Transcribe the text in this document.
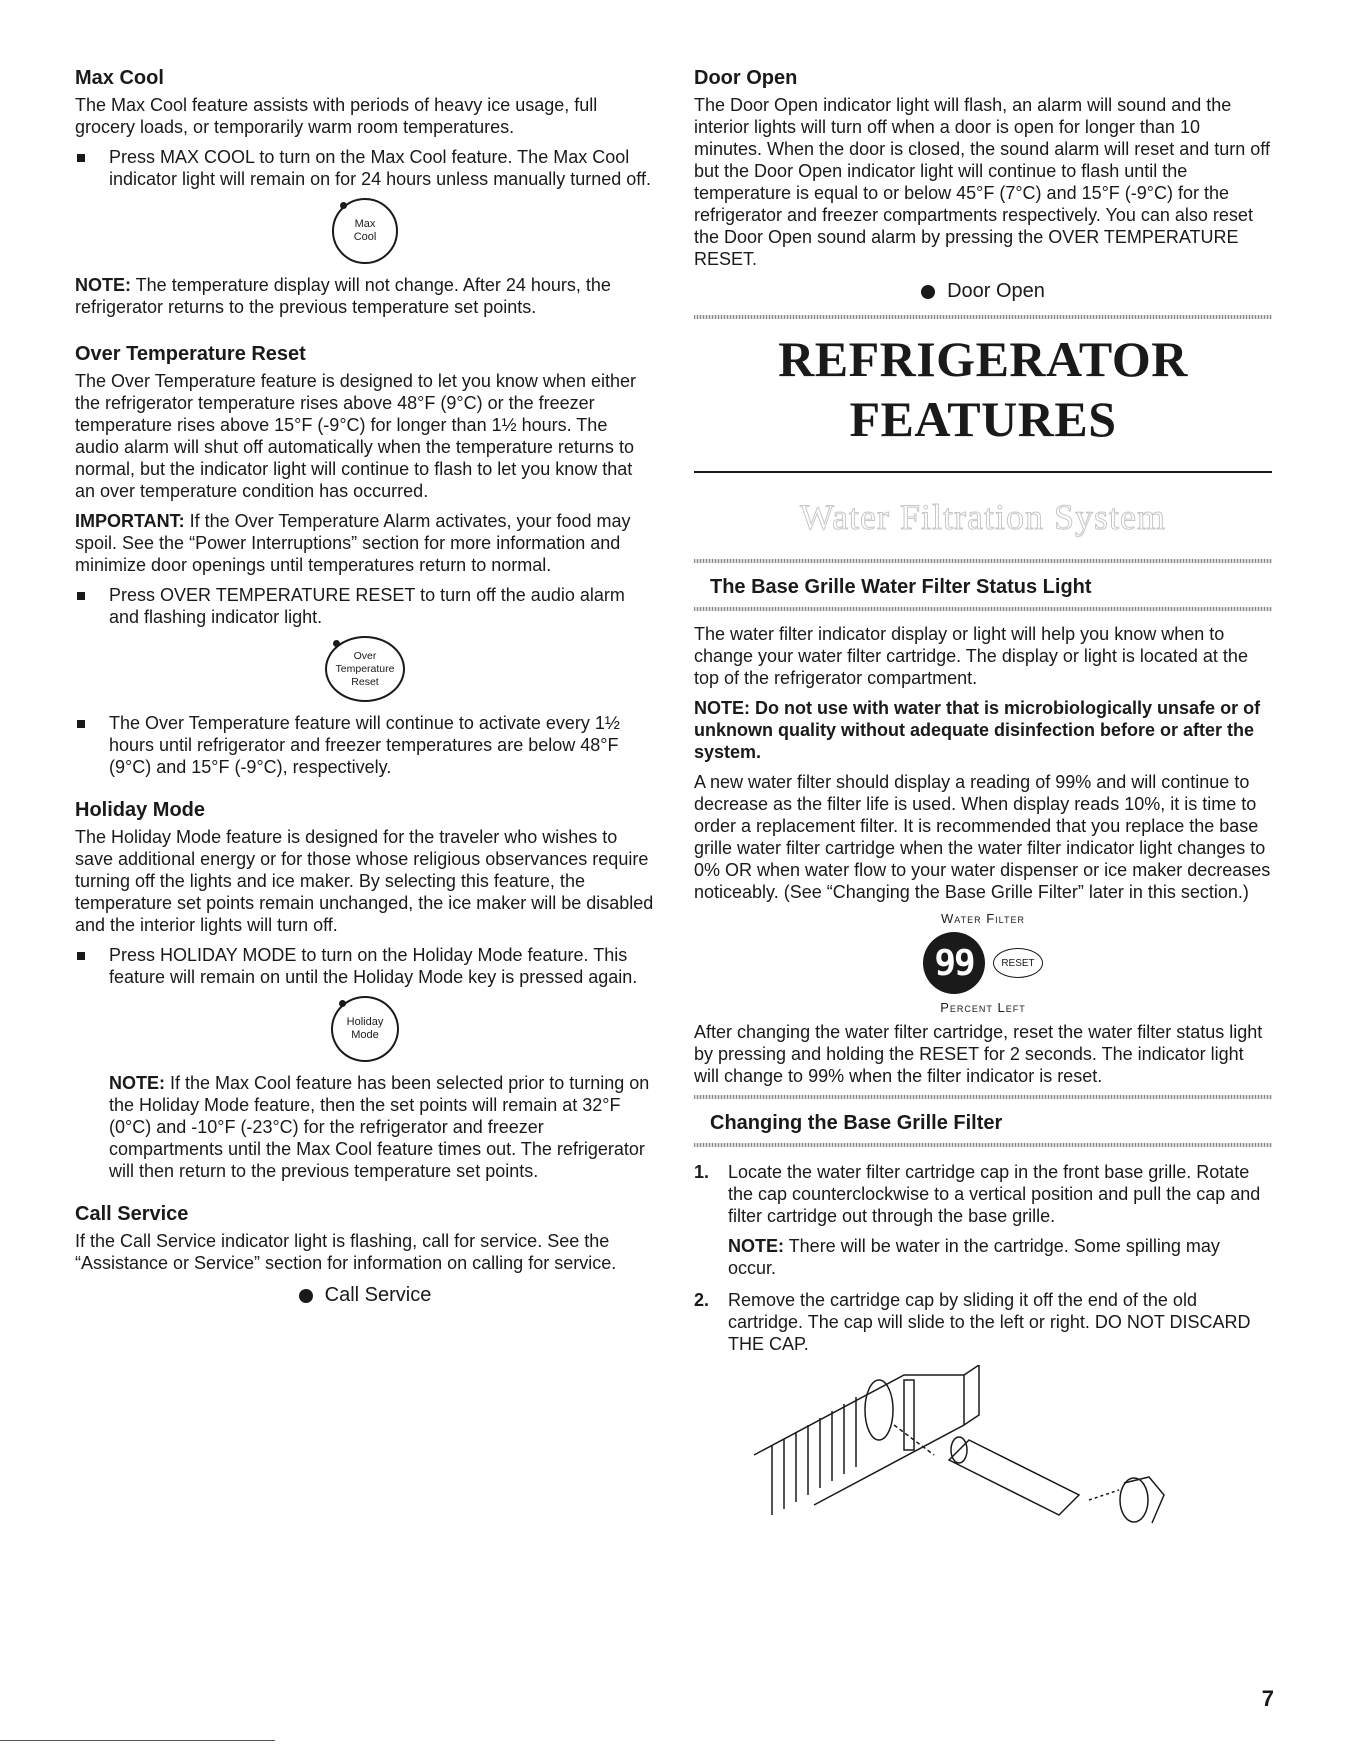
Max Cool

The Max Cool feature assists with periods of heavy ice usage, full grocery loads, or temporarily warm room temperatures.

Press MAX COOL to turn on the Max Cool feature. The Max Cool indicator light will remain on for 24 hours unless manually turned off.
Max
Cool

NOTE: The temperature display will not change. After 24 hours, the refrigerator returns to the previous temperature set points.

Over Temperature Reset

The Over Temperature feature is designed to let you know when either the refrigerator temperature rises above 48°F (9°C) or the freezer temperature rises above 15°F (-9°C) for longer than 1½ hours. The audio alarm will shut off automatically when the temperature returns to normal, but the indicator light will continue to flash to let you know that an over temperature condition has occurred.

IMPORTANT: If the Over Temperature Alarm activates, your food may spoil. See the “Power Interruptions” section for more information and minimize door openings until temperatures return to normal.

Press OVER TEMPERATURE RESET to turn off the audio alarm and flashing indicator light.
Over
Temperature
Reset
The Over Temperature feature will continue to activate every 1½ hours until refrigerator and freezer temperatures are below 48°F (9°C) and 15°F (-9°C), respectively.
Holiday Mode

The Holiday Mode feature is designed for the traveler who wishes to save additional energy or for those whose religious observances require turning off the lights and ice maker. By selecting this feature, the temperature set points remain unchanged, the ice maker will be disabled and the interior lights will turn off.

Press HOLIDAY MODE to turn on the Holiday Mode feature. This feature will remain on until the Holiday Mode key is pressed again.
Holiday
Mode

NOTE: If the Max Cool feature has been selected prior to turning on the Holiday Mode feature, then the set points will remain at 32°F (0°C) and -10°F (-23°C) for the refrigerator and freezer compartments until the Max Cool feature times out. The refrigerator will then return to the previous temperature set points.

Call Service

If the Call Service indicator light is flashing, call for service. See the “Assistance or Service” section for information on calling for service.

Call Service
Door Open

The Door Open indicator light will flash, an alarm will sound and the interior lights will turn off when a door is open for longer than 10 minutes. When the door is closed, the sound alarm will reset and turn off but the Door Open indicator light will continue to flash until the temperature is equal to or below 45°F (7°C) and 15°F (-9°C) for the refrigerator and freezer compartments respectively. You can also reset the Door Open sound alarm by pressing the OVER TEMPERATURE RESET.

Door Open
REFRIGERATOR
FEATURES
Water Filtration System
The Base Grille Water Filter Status Light

The water filter indicator display or light will help you know when to change your water filter cartridge. The display or light is located at the top of the refrigerator compartment.

NOTE: Do not use with water that is microbiologically unsafe or of unknown quality without adequate disinfection before or after the system.

A new water filter should display a reading of 99% and will continue to decrease as the filter life is used. When display reads 10%, it is time to order a replacement filter. It is recommended that you replace the base grille water filter cartridge when the water filter indicator light changes to 0% OR when water flow to your water dispenser or ice maker decreases noticeably. (See “Changing the Base Grille Filter” later in this section.)

Water Filter
99	RESET
Percent Left

After changing the water filter cartridge, reset the water filter status light by pressing and holding the RESET for 2 seconds. The indicator light will change to 99% when the filter indicator is reset.

Changing the Base Grille Filter
1. Locate the water filter cartridge cap in the front base grille. Rotate the cap counterclockwise to a vertical position and pull the cap and filter cartridge out through the base grille.

NOTE: There will be water in the cartridge. Some spilling may occur.

2. Remove the cartridge cap by sliding it off the end of the old cartridge. The cap will slide to the left or right. DO NOT DISCARD THE CAP.
7
